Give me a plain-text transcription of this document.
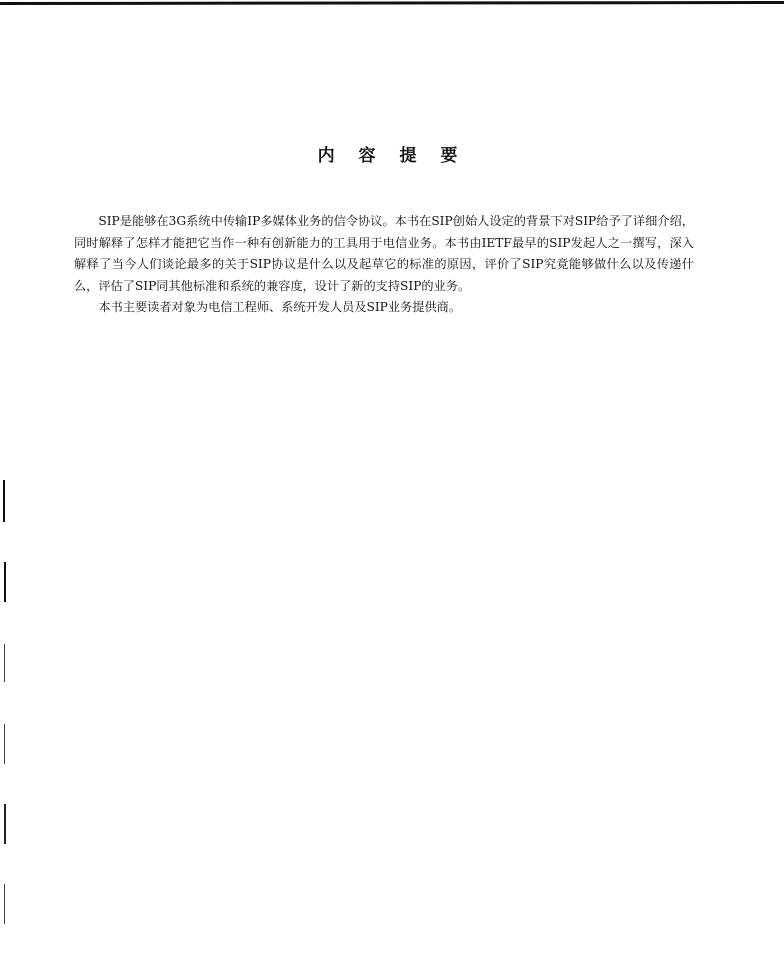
内 容 提 要

SIP是能够在3G系统中传输IP多媒体业务的信令协议。本书在SIP创始人设定的背景下对SIP给予了详细介绍，同时解释了怎样才能把它当作一种有创新能力的工具用于电信业务。本书由IETF最早的SIP发起人之一撰写，深入解释了当今人们谈论最多的关于SIP协议是什么以及起草它的标准的原因，评价了SIP究竟能够做什么以及传递什么，评估了SIP同其他标准和系统的兼容度，设计了新的支持SIP的业务。

本书主要读者对象为电信工程师、系统开发人员及SIP业务提供商。
